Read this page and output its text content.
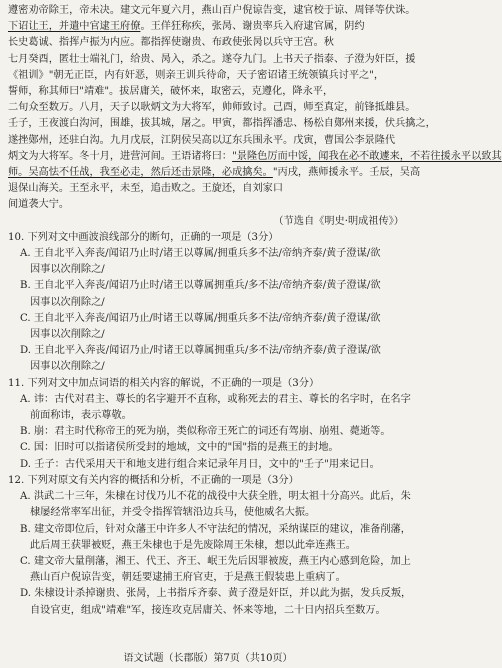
遵密劝帝除王，帝未决。建文元年夏六月，燕山百户倪谅告变，逮官校于谅、周铎等伏诛。
下诏让王，并遣中官逮王府僚。王佯狂称疾，张昺、谢贵率兵入府逮官属，阴约
长史葛诚、指挥卢振为内应。都指挥使谢贵、布政使张昺以兵守王宫。秋
七月癸酉，匿壮士端礼门，给贵、昺入，杀之。遂夺九门。上书天子指泰、子澄为奸臣，援
《祖训》"朝无正臣，内有奸恶，则亲王训兵待命，天子密诏诸王统领镇兵讨平之"，
誓师，称其师曰"靖难"。拔居庸关，破怀来，取密云，克遵化，降永平，
二旬众至数万。八月，天子以耿炳文为大将军，帅师致讨。己酉，师至真定，前锋抵雄县。
壬子，王夜渡白沟河，围雄，拔其城，屠之。甲寅，都指挥潘忠、杨松自鄚州来援，伏兵擒之，
遂挫鄚州，还驻白沟。九月戊辰，江阴侯吴高以辽东兵围永平。戊寅，曹国公李景隆代
炳文为大将军。冬十月，进营河间。王语诸将曰："景隆色厉而中馁，闻我在必不敢遽来，不若往援永平以致其
师。吴高怯不任战，我至必走，然后还击景隆，必成擒矣。"丙戌，燕师援永平。壬辰，吴高
退保山海关。王至永平，未至，追击败之。王旋还，自刘家口
间道袭大宁。
（节选自《明史·明成祖传》）
10. 下列对文中画波浪线部分的断句，正确的一项是（3分）
A. 王自北平入奔丧/闻诏乃止时/诸王以尊属/拥重兵多不法/帝纳齐泰/黄子澄谋/欲
因事以次削除之/
B. 王自北平入奔丧/闻诏乃止时/诸王以尊属拥重兵/多不法/帝纳齐泰/黄子澄谋/欲
因事以次削除之/
C. 王自北平入奔丧/闻诏乃止/时诸王以尊属/拥重兵多不法/帝纳齐泰/黄子澄谋/欲
因事以次削除之/
D. 王自北平入奔丧/闻诏乃止/时诸王以尊属拥重兵/多不法/帝纳齐泰/黄子澄谋/欲
因事以次削除之/
11. 下列对文中加点词语的相关内容的解说，不正确的一项是（3分）
A. 讳：古代对君主、尊长的名字避开不直称，或称死去的君主、尊长的名字时，在名字
前面称讳，表示尊敬。
B. 崩：君主时代称帝王的死为崩，类似称帝王死亡的词还有驾崩、崩殂、薨逝等。
C. 国：旧时可以指诸侯所受封的地域，文中的"国"指的是燕王的封地。
D. 壬子：古代采用天干和地支进行组合来记录年月日，文中的"壬子"用来记日。
12. 下列对原文有关内容的概括和分析，不正确的一项是（3分）
A. 洪武二十三年，朱棣在讨伐乃儿不花的战役中大获全胜，明太祖十分高兴。此后，朱
棣屡经常率军出征，并受令指挥管辖沿边兵马，使他威名大振。
B. 建文帝即位后，针对众藩王中许多人不守法纪的情况，采纳谋臣的建议，准备削藩，
此后周王获罪被贬，燕王朱棣也于是先废除周王朱棣，想以此牵连燕王。
C. 建文帝大量削藩，湘王、代王、齐王、岷王先后因罪被废，燕王内心感到危险，加上
燕山百户倪谅告变，朝廷要逮捕王府官吏，于是燕王假装患上重病了。
D. 朱棣设计杀掉谢贵、张昺，上书指斥齐泰、黄子澄是奸臣，并以此为据，发兵反叛，
自设官吏，组成"靖难"军，接连攻克居庸关、怀来等地，二十日内招兵至数万。
语文试题（长郡版）第7页（共10页）
